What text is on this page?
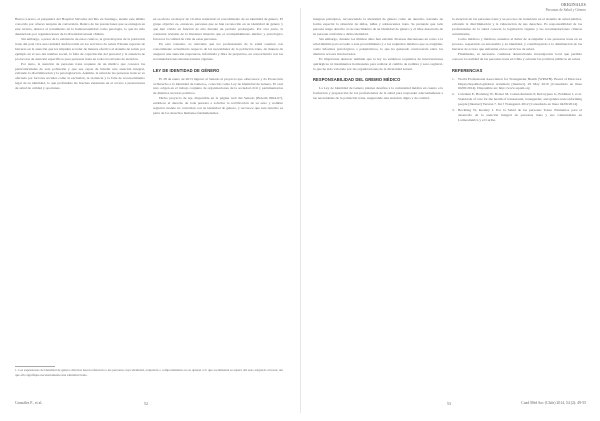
Barros Lucero, el psiquiatra del Hospital Salvador del Río en Santiago, siendo este último conocido por ofrecer terapias de conversión. Dentro de las prestaciones que se entregan en este recinto, destaca el tratamiento de la homosexualidad como patología, lo que ha sido denunciado por organizaciones de la diversidad sexual chilena.

Sin embargo, a pesar de la existencia de estos centros, la gran mayoría de la población trans del país vive una realidad desfavorable en los servicios de salud. Existen reportes de barreras en la atención que les impiden acceder de manera efectiva al sistema de salud, por ejemplo en el uso del nombre social, la falta de capacitación del personal y la ausencia de protocolos de atención específicos para personas trans en todos los niveles de atención.

Por tanto, la atención de personas trans requiere de un médico que conozca las particularidades de esta población y que sea capaz de brindar una atención integral, evitando la discriminación y la patologización. Además, la salud de las personas trans se ve afectada por factores sociales como la exclusión, la violencia y la falta de reconocimiento legal de su identidad, lo que profundiza las brechas existentes en el acceso a prestaciones de salud de calidad y oportunas.

en su efecto en mayor de 10 años reiterando el conocimiento de su identidad de género. El grupo objetivo es, entonces, personas que se han reconocido en su identidad de género y que han vivido en función de ella durante un periodo prolongado. Por otra parte, la constante revisión de la literatura muestra que el acompañamiento médico y psicológico favorece la calidad de vida de estas personas.

En este contexto, es relevante que los profesionales de la salud cuenten con conocimiento actualizado respecto de las necesidades de la población trans, de manera de asegurar una atención respetuosa, informada y libre de prejuicios, en concordancia con las recomendaciones internacionales vigentes.

LEY DE IDENTIDAD DE GÉNERO

El 28 de enero de 2013 ingresó al Senado el proyecto que «Reconoce y da Protección al Derecho a la Identidad de Género», conocido como Ley de Identidad de Género. El cual tuvo origen en el trabajo conjunto de organizaciones de la sociedad civil y parlamentarios de distintos sectores políticos.

Dicho proyecto de ley, disponible en la página web del Senado (Boletín 8924-07), establece el derecho de toda persona a solicitar la rectificación de su sexo y nombre registral cuando no coincidan con su identidad de género, y reconoce que este derecho es parte de los derechos humanos fundamentales.

1. Las expresiones de identidad de género diversas hacen referencia a las personas cuya identidad, expresión o comportamiento no se ajustan a lo que socialmente se espera del sexo asignado al nacer, sin que ello signifique necesariamente una identidad trans.
González F., et al.	52
ORIGINALES
Personas de Salud y Género

integran principios, reconociendo la identidad de género como un derecho, tratando de forma especial la situación de niños, niñas y adolescentes trans. Se pretende que toda persona tenga derecho al reconocimiento de su identidad de género y al libre desarrollo de su persona conforme a dicha identidad.

Sin embargo, durante los últimos años han existido diversas discusiones en torno a la edad mínima para acceder a este procedimiento y a los requisitos médicos que se exigirían, como informes psicológicos o psiquiátricos, lo que ha generado controversia entre los distintos actores involucrados.

Es importante destacar también que la ley no establece requisitos de intervenciones quirúrgicas ni tratamientos hormonales para realizar el cambio de nombre y sexo registral, lo que ha sido valorado por las organizaciones de la diversidad sexual.

RESPONSABILIDAD DEL GREMIO MÉDICO

La Ley de Identidad de Género plantea desafíos a la comunidad médica en cuanto a la formación y preparación de los profesionales de la salud para responder adecuadamente a las necesidades de la población trans, asegurando una atención digna y de calidad.

la atención de las personas trans y su proceso de transición en el sistema de salud pública, evitando la discriminación y la vulneración de sus derechos. Es responsabilidad de los profesionales de la salud conocer la legislación vigente y las recomendaciones clínicas actualizadas.

Como médicos y médicas, tenemos el deber de acompañar a las personas trans en su proceso, respetando su autonomía y su identidad, y contribuyendo a la disminución de las barreras de acceso que enfrentan en los servicios de salud.

Finalmente, es necesario continuar desarrollando investigación local que permita conocer la realidad de las personas trans en Chile y orientar las políticas públicas en salud.

REFERENCIAS

1. World Professional Association for Transgender Health (WPATH). Board of Directors. Depsychopathologisation statement [Internet]. 26 May 2010 [Consultado en línea 04/06/2014]. Disponible en: http://www.wpath.org

2. Coleman E, Bockting W, Botzer M, Cohen-Kettenis P, DeCuypere G, Feldman J, et al. Standards of care for the health of transsexual, transgender, and gender-nonconforming people [Internet] Version 7. Int J Transgend. 2012 [Consultado en línea 04/06/2014].

3. Bockting W, Keatley J. Por la Salud de las personas Trans: Elementos para el desarrollo de la atención integral de personas trans y sus comunidades en Latinoamérica y el Caribe.

53	Cuad Méd Soc (Chile) 2014, 54 (2): 49-55
